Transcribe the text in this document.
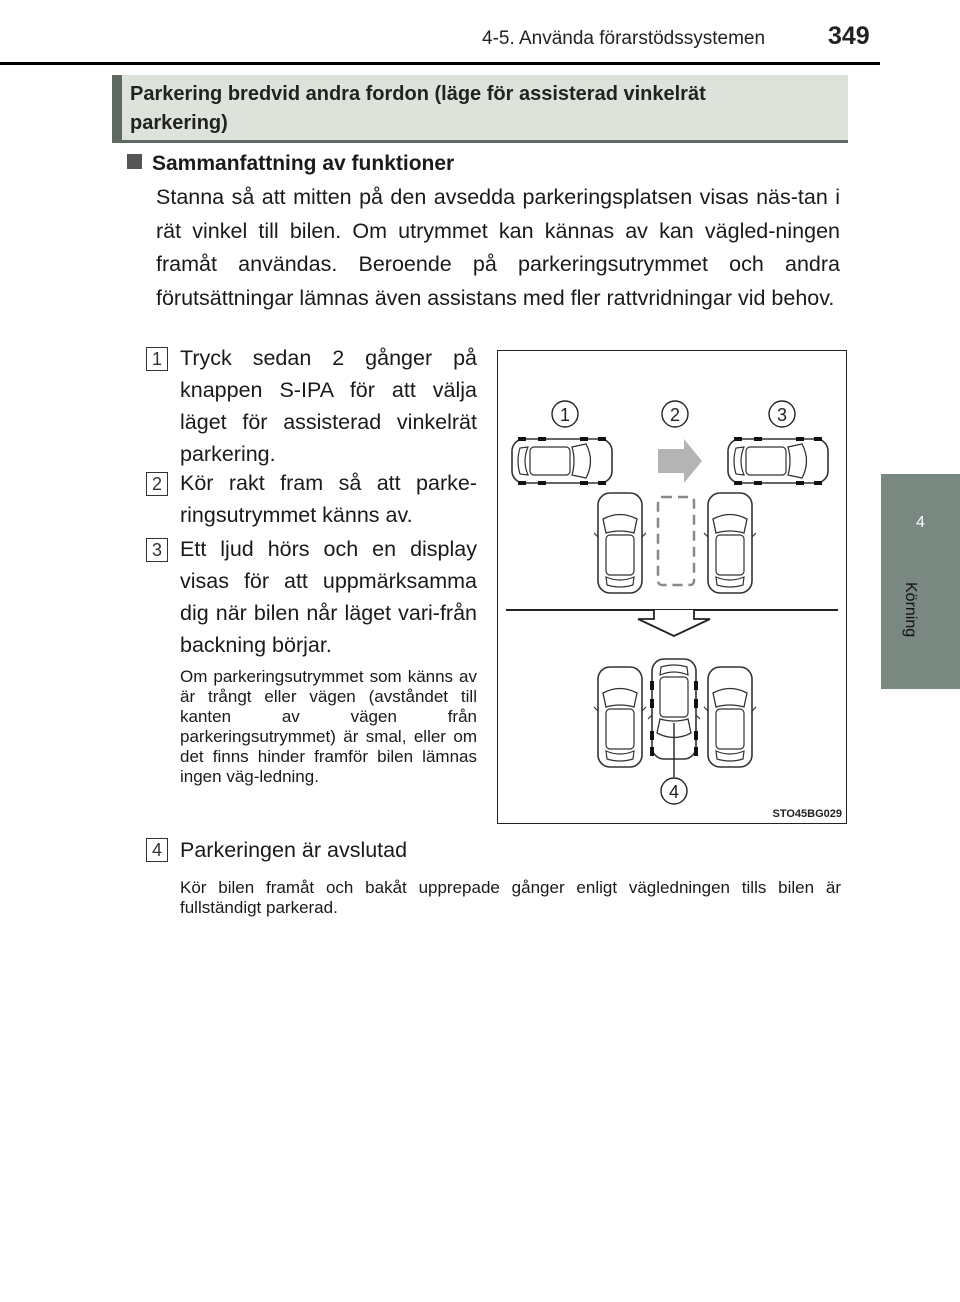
4-5. Använda förarstödssystemen	349
4
Körning
Parkering bredvid andra fordon (läge för assisterad vinkelrät
parkering)
Sammanfattning av funktioner
Stanna så att mitten på den avsedda parkeringsplatsen visas näs-tan i rät vinkel till bilen. Om utrymmet kan kännas av kan vägled-ningen framåt användas. Beroende på parkeringsutrymmet och andra förutsättningar lämnas även assistans med fler rattvridningar vid behov.
1 Tryck sedan 2 gånger på knappen S-IPA för att välja läget för assisterad vinkelrät parkering.
2 Kör rakt fram så att parke-ringsutrymmet känns av.
3 Ett ljud hörs och en display visas för att uppmärksamma dig när bilen når läget vari-från backning börjar.
Om parkeringsutrymmet som känns av är trångt eller vägen (avståndet till kanten av vägen från parkeringsutrymmet) är smal, eller om det finns hinder framför bilen lämnas ingen väg-ledning.
4 Parkeringen är avslutad
Kör bilen framåt och bakåt upprepade gånger enligt vägledningen tills bilen är fullständigt parkerad.
1	2	3
4
STO45BG029
